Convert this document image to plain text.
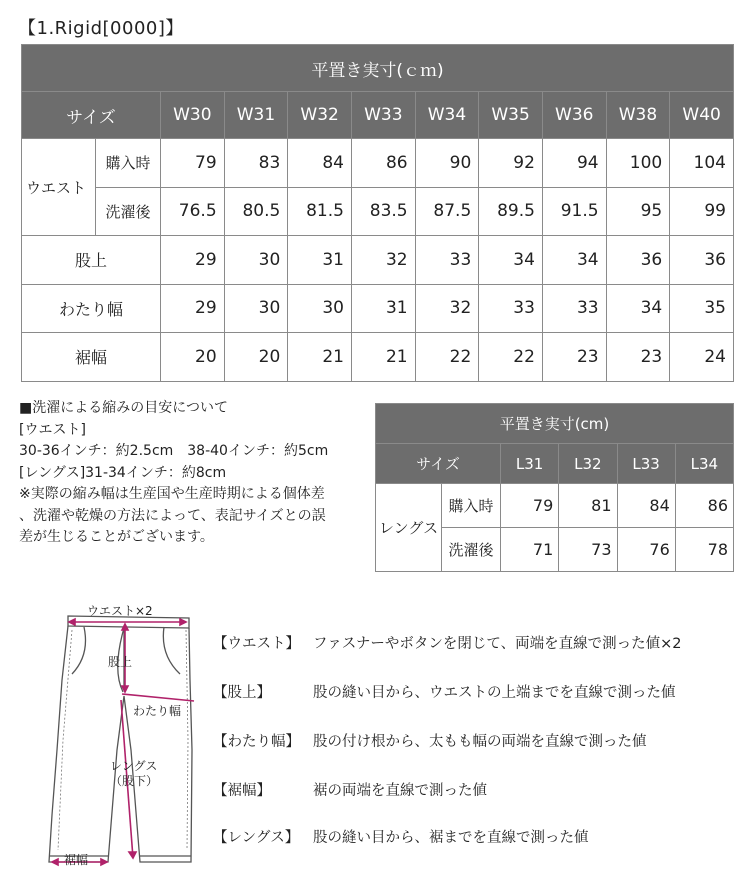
【1.Rigid[0000]】
平置き実寸(ｃｍ)										
サイズ		W30	W31	W32	W33	W34	W35	W36	W38	W40
ウエスト	購入時	79	83	84	86	90	92	94	100	104
	洗濯後	76.5	80.5	81.5	83.5	87.5	89.5	91.5	95	99
股上		29	30	31	32	33	34	34	36	36
わたり幅		29	30	30	31	32	33	33	34	35
裾幅		20	20	21	21	22	22	23	23	24
■洗濯による縮みの目安について
[ウエスト]
30-36インチ：約2.5cm　38-40インチ：約5cm
[レングス]31-34インチ：約8cm
※実際の縮み幅は生産国や生産時期による個体差
、洗濯や乾燥の方法によって、表記サイズとの誤
差が生じることがございます。
平置き実寸(cm)					
サイズ		L31	L32	L33	L34
レングス	購入時	79	81	84	86
	洗濯後	71	73	76	78
ウエスト×2
股上
わたり幅
レングス
（股下）
裾幅
【ウエスト】 ファスナーやボタンを閉じて、両端を直線で測った値×2
【股上】	股の縫い目から、ウエストの上端までを直線で測った値
【わたり幅】 股の付け根から、太もも幅の両端を直線で測った値
【裾幅】	裾の両端を直線で測った値
【レングス】 股の縫い目から、裾までを直線で測った値
